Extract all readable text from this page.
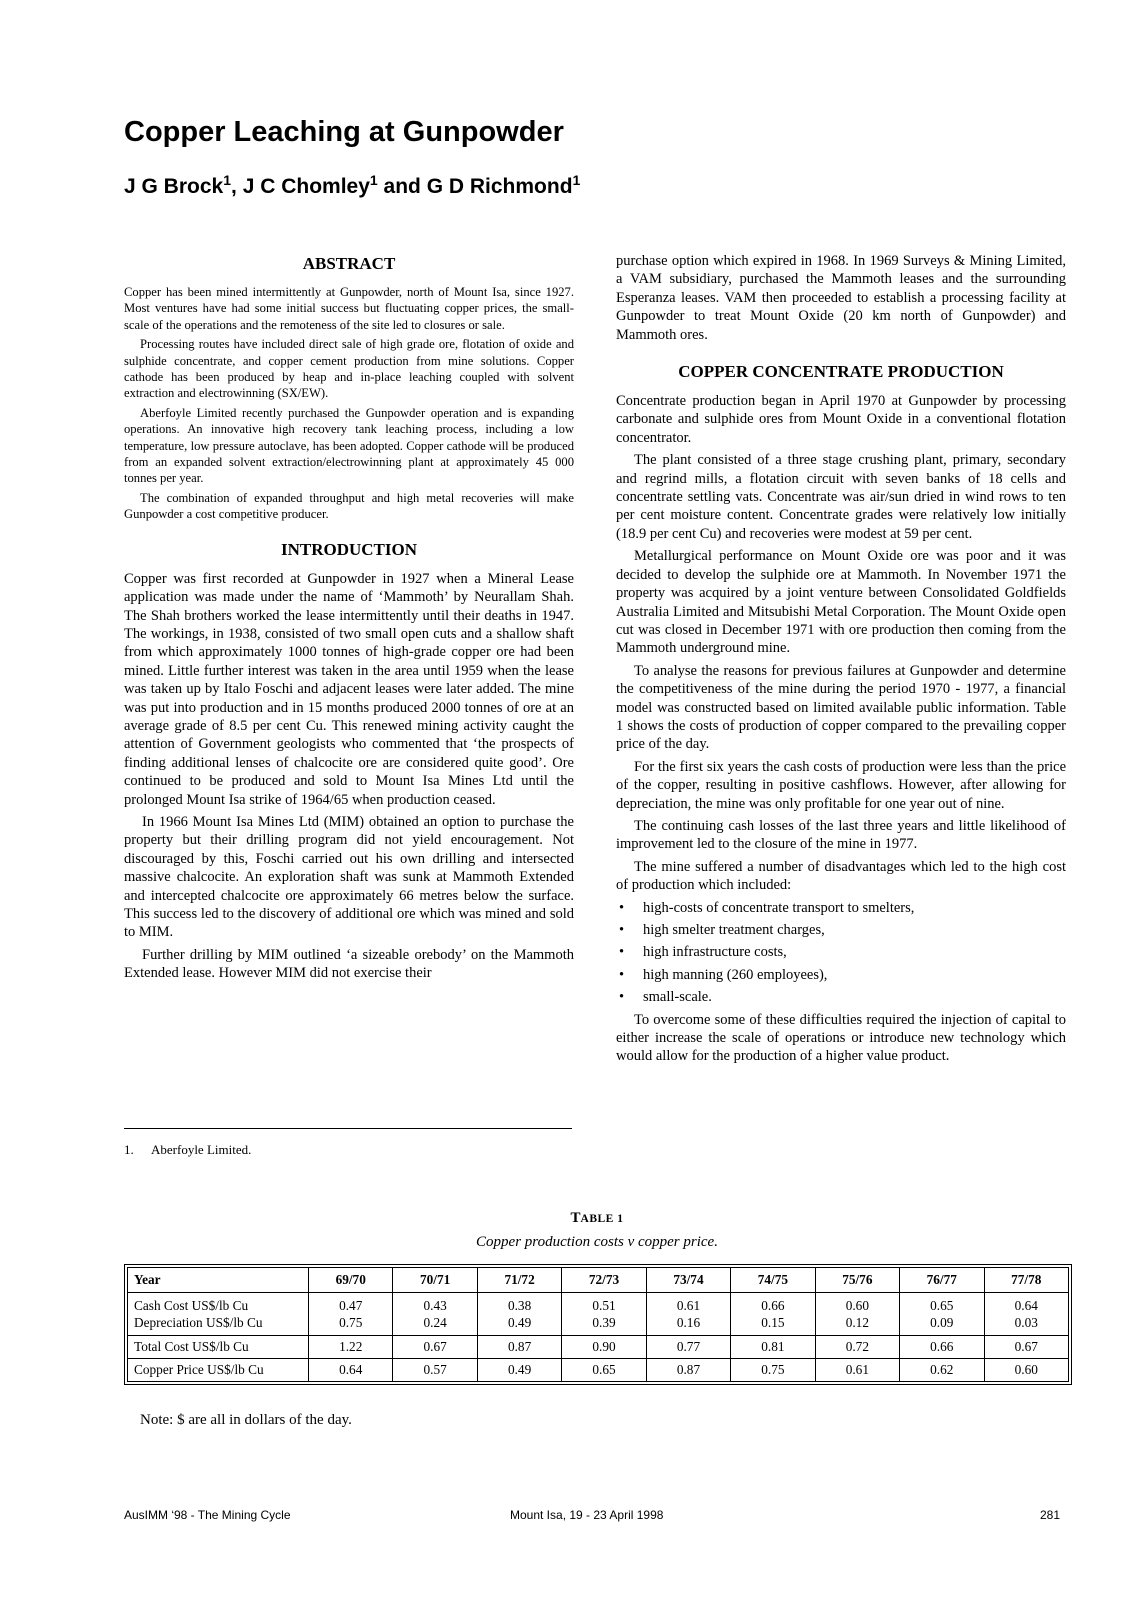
Copper Leaching at Gunpowder
J G Brock$^1$, J C Chomley$^1$ and G D Richmond$^1$
ABSTRACT

Copper has been mined intermittently at Gunpowder, north of Mount Isa, since 1927. Most ventures have had some initial success but fluctuating copper prices, the small-scale of the operations and the remoteness of the site led to closures or sale.

Processing routes have included direct sale of high grade ore, flotation of oxide and sulphide concentrate, and copper cement production from mine solutions. Copper cathode has been produced by heap and in-place leaching coupled with solvent extraction and electrowinning (SX/EW).

Aberfoyle Limited recently purchased the Gunpowder operation and is expanding operations. An innovative high recovery tank leaching process, including a low temperature, low pressure autoclave, has been adopted. Copper cathode will be produced from an expanded solvent extraction/electrowinning plant at approximately 45 000 tonnes per year.

The combination of expanded throughput and high metal recoveries will make Gunpowder a cost competitive producer.

INTRODUCTION

Copper was first recorded at Gunpowder in 1927 when a Mineral Lease application was made under the name of ‘Mammoth’ by Neurallam Shah. The Shah brothers worked the lease intermittently until their deaths in 1947. The workings, in 1938, consisted of two small open cuts and a shallow shaft from which approximately 1000 tonnes of high-grade copper ore had been mined. Little further interest was taken in the area until 1959 when the lease was taken up by Italo Foschi and adjacent leases were later added. The mine was put into production and in 15 months produced 2000 tonnes of ore at an average grade of 8.5 per cent Cu. This renewed mining activity caught the attention of Government geologists who commented that ‘the prospects of finding additional lenses of chalcocite ore are considered quite good’. Ore continued to be produced and sold to Mount Isa Mines Ltd until the prolonged Mount Isa strike of 1964/65 when production ceased.

In 1966 Mount Isa Mines Ltd (MIM) obtained an option to purchase the property but their drilling program did not yield encouragement. Not discouraged by this, Foschi carried out his own drilling and intersected massive chalcocite. An exploration shaft was sunk at Mammoth Extended and intercepted chalcocite ore approximately 66 metres below the surface. This success led to the discovery of additional ore which was mined and sold to MIM.

Further drilling by MIM outlined ‘a sizeable orebody’ on the Mammoth Extended lease. However MIM did not exercise their

purchase option which expired in 1968. In 1969 Surveys & Mining Limited, a VAM subsidiary, purchased the Mammoth leases and the surrounding Esperanza leases. VAM then proceeded to establish a processing facility at Gunpowder to treat Mount Oxide (20 km north of Gunpowder) and Mammoth ores.

COPPER CONCENTRATE PRODUCTION

Concentrate production began in April 1970 at Gunpowder by processing carbonate and sulphide ores from Mount Oxide in a conventional flotation concentrator.

The plant consisted of a three stage crushing plant, primary, secondary and regrind mills, a flotation circuit with seven banks of 18 cells and concentrate settling vats. Concentrate was air/sun dried in wind rows to ten per cent moisture content. Concentrate grades were relatively low initially (18.9 per cent Cu) and recoveries were modest at 59 per cent.

Metallurgical performance on Mount Oxide ore was poor and it was decided to develop the sulphide ore at Mammoth. In November 1971 the property was acquired by a joint venture between Consolidated Goldfields Australia Limited and Mitsubishi Metal Corporation. The Mount Oxide open cut was closed in December 1971 with ore production then coming from the Mammoth underground mine.

To analyse the reasons for previous failures at Gunpowder and determine the competitiveness of the mine during the period 1970 - 1977, a financial model was constructed based on limited available public information. Table 1 shows the costs of production of copper compared to the prevailing copper price of the day.

For the first six years the cash costs of production were less than the price of the copper, resulting in positive cashflows. However, after allowing for depreciation, the mine was only profitable for one year out of nine.

The continuing cash losses of the last three years and little likelihood of improvement led to the closure of the mine in 1977.

The mine suffered a number of disadvantages which led to the high cost of production which included:

• high-costs of concentrate transport to smelters,
• high smelter treatment charges,
• high infrastructure costs,
• high manning (260 employees),
• small-scale.

To overcome some of these difficulties required the injection of capital to either increase the scale of operations or introduce new technology which would allow for the production of a higher value product.

1. Aberfoyle Limited.
TABLE 1
Copper production costs v copper price.
Year	69/70	70/71	71/72	72/73	73/74	74/75	75/76	76/77	77/78
Cash Cost US$/lb Cu	0.47	0.43	0.38	0.51	0.61	0.66	0.60	0.65	0.64
Depreciation US$/lb Cu	0.75	0.24	0.49	0.39	0.16	0.15	0.12	0.09	0.03
Total Cost US$/lb Cu	1.22	0.67	0.87	0.90	0.77	0.81	0.72	0.66	0.67
Copper Price US$/lb Cu	0.64	0.57	0.49	0.65	0.87	0.75	0.61	0.62	0.60
Note: $ are all in dollars of the day.
AusIMM ‘98 - The Mining Cycle	Mount Isa, 19 - 23 April 1998	281
